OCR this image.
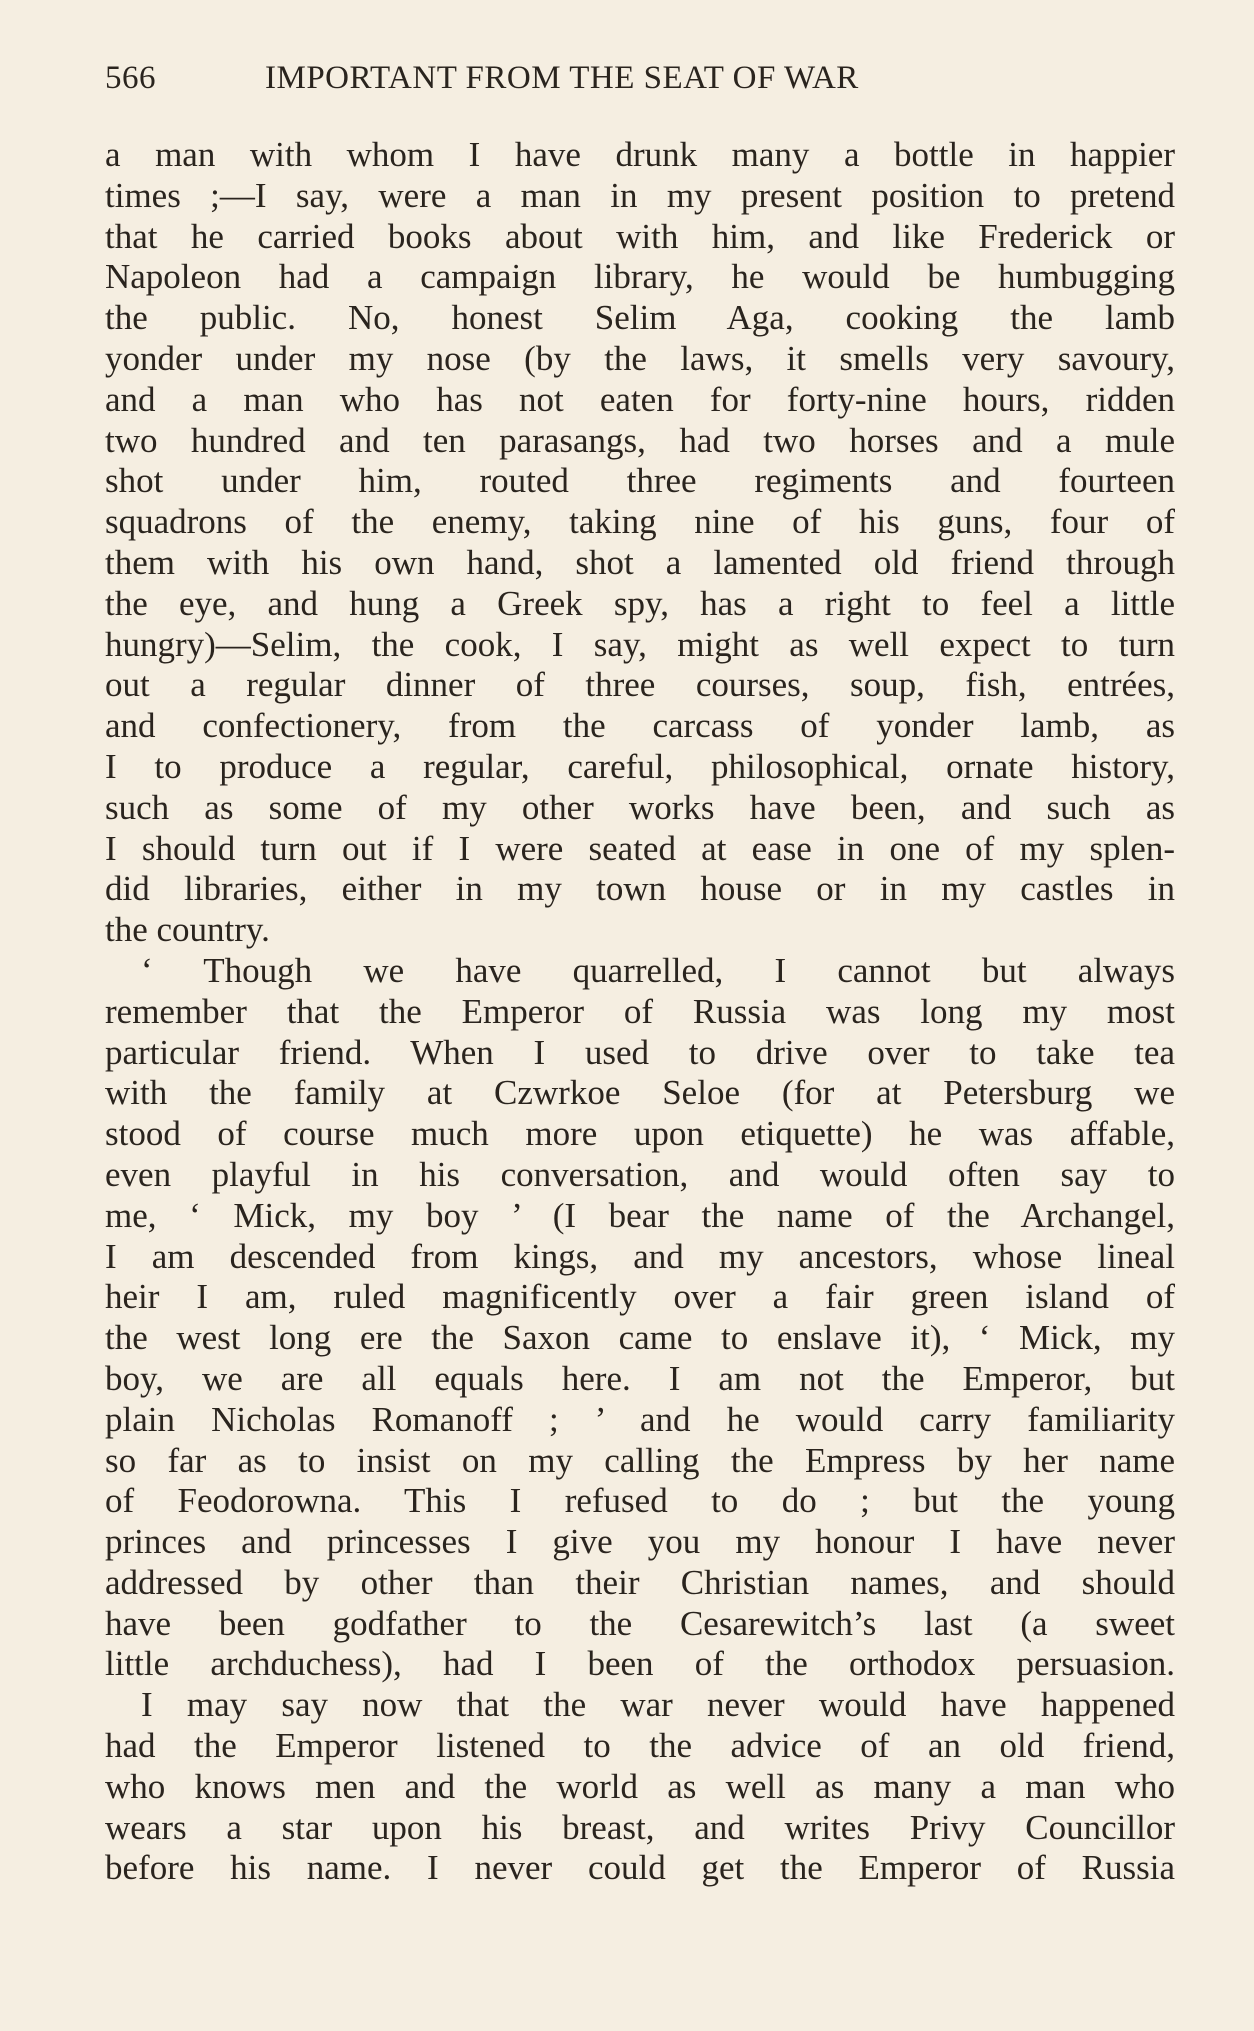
566	IMPORTANT FROM THE SEAT OF WAR
a man with whom I have drunk many a bottle in happier
times ;—I say, were a man in my present position to pretend
that he carried books about with him, and like Frederick or
Napoleon had a campaign library, he would be humbugging
the public. No, honest Selim Aga, cooking the lamb
yonder under my nose (by the laws, it smells very savoury,
and a man who has not eaten for forty-nine hours, ridden
two hundred and ten parasangs, had two horses and a mule
shot under him, routed three regiments and fourteen
squadrons of the enemy, taking nine of his guns, four of
them with his own hand, shot a lamented old friend through
the eye, and hung a Greek spy, has a right to feel a little
hungry)—Selim, the cook, I say, might as well expect to turn
out a regular dinner of three courses, soup, fish, entrées,
and confectionery, from the carcass of yonder lamb, as
I to produce a regular, careful, philosophical, ornate history,
such as some of my other works have been, and such as
I should turn out if I were seated at ease in one of my splen-
did libraries, either in my town house or in my castles in
the country.
‘ Though we have quarrelled, I cannot but always
remember that the Emperor of Russia was long my most
particular friend. When I used to drive over to take tea
with the family at Czwrkoe Seloe (for at Petersburg we
stood of course much more upon etiquette) he was affable,
even playful in his conversation, and would often say to
me, ‘ Mick, my boy ’ (I bear the name of the Archangel,
I am descended from kings, and my ancestors, whose lineal
heir I am, ruled magnificently over a fair green island of
the west long ere the Saxon came to enslave it), ‘ Mick, my
boy, we are all equals here. I am not the Emperor, but
plain Nicholas Romanoff ; ’ and he would carry familiarity
so far as to insist on my calling the Empress by her name
of Feodorowna. This I refused to do ; but the young
princes and princesses I give you my honour I have never
addressed by other than their Christian names, and should
have been godfather to the Cesarewitch’s last (a sweet
little archduchess), had I been of the orthodox persuasion.
I may say now that the war never would have happened
had the Emperor listened to the advice of an old friend,
who knows men and the world as well as many a man who
wears a star upon his breast, and writes Privy Councillor
before his name. I never could get the Emperor of Russia
